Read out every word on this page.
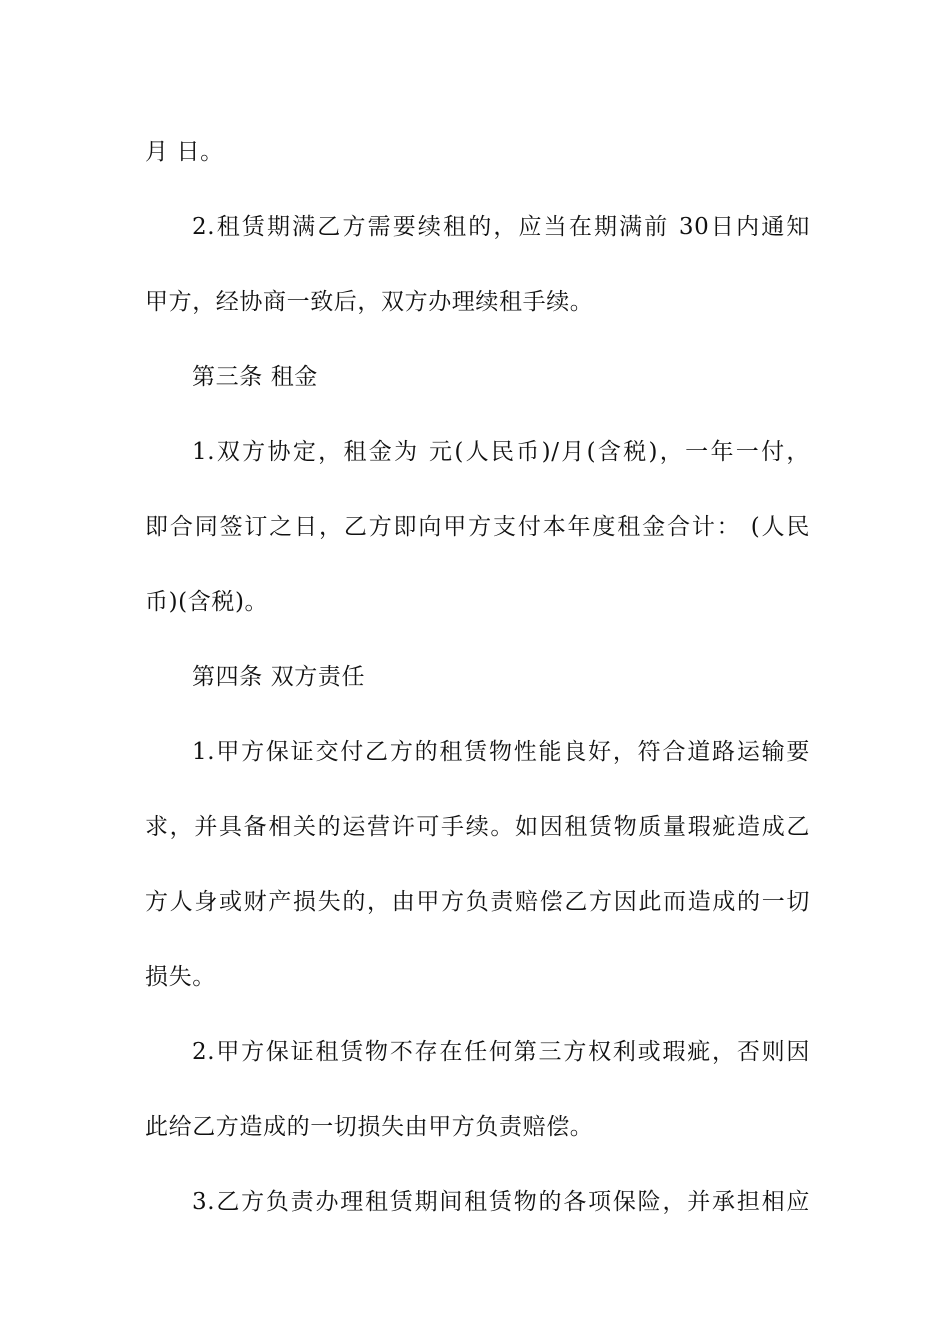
月 日。
2.租赁期满乙方需要续租的，应当在期满前 30日内通知
甲方，经协商一致后，双方办理续租手续。
第三条 租金
1.双方协定，租金为 元(人民币)/月(含税)，一年一付，
即合同签订之日，乙方即向甲方支付本年度租金合计： (人民
币)(含税)。
第四条 双方责任
1.甲方保证交付乙方的租赁物性能良好，符合道路运输要
求，并具备相关的运营许可手续。如因租赁物质量瑕疵造成乙
方人身或财产损失的，由甲方负责赔偿乙方因此而造成的一切
损失。
2.甲方保证租赁物不存在任何第三方权利或瑕疵，否则因
此给乙方造成的一切损失由甲方负责赔偿。
3.乙方负责办理租赁期间租赁物的各项保险，并承担相应
